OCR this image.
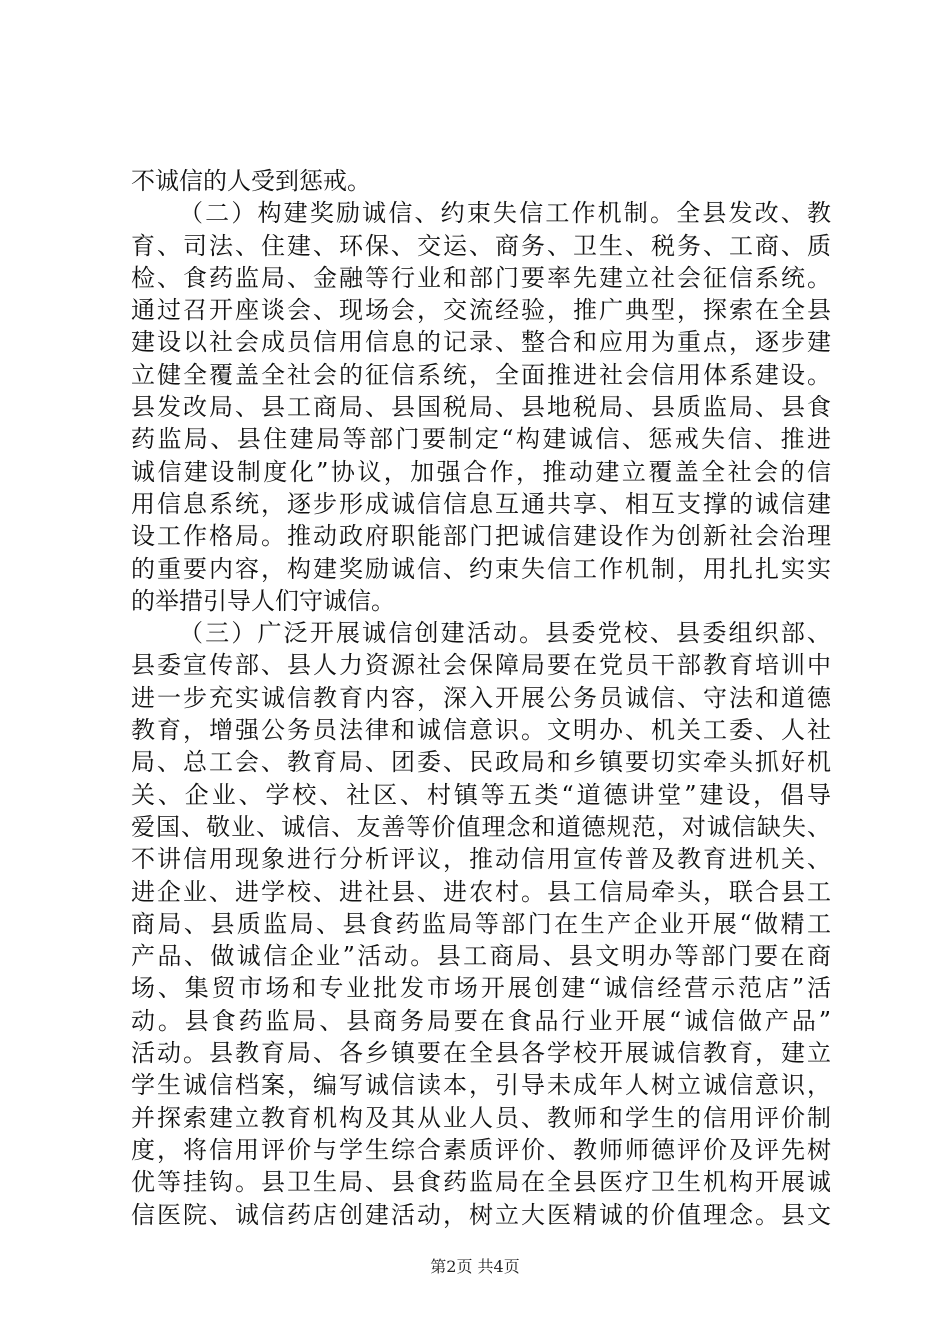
不诚信的人受到惩戒。
（二）构建奖励诚信、约束失信工作机制。全县发改、教
育、司法、住建、环保、交运、商务、卫生、税务、工商、质
检、食药监局、金融等行业和部门要率先建立社会征信系统。
通过召开座谈会、现场会，交流经验，推广典型，探索在全县
建设以社会成员信用信息的记录、整合和应用为重点，逐步建
立健全覆盖全社会的征信系统，全面推进社会信用体系建设。
县发改局、县工商局、县国税局、县地税局、县质监局、县食
药监局、县住建局等部门要制定“构建诚信、惩戒失信、推进
诚信建设制度化”协议，加强合作，推动建立覆盖全社会的信
用信息系统，逐步形成诚信信息互通共享、相互支撑的诚信建
设工作格局。推动政府职能部门把诚信建设作为创新社会治理
的重要内容，构建奖励诚信、约束失信工作机制，用扎扎实实
的举措引导人们守诚信。
（三）广泛开展诚信创建活动。县委党校、县委组织部、
县委宣传部、县人力资源社会保障局要在党员干部教育培训中
进一步充实诚信教育内容，深入开展公务员诚信、守法和道德
教育，增强公务员法律和诚信意识。文明办、机关工委、人社
局、总工会、教育局、团委、民政局和乡镇要切实牵头抓好机
关、企业、学校、社区、村镇等五类“道德讲堂”建设，倡导
爱国、敬业、诚信、友善等价值理念和道德规范，对诚信缺失、
不讲信用现象进行分析评议，推动信用宣传普及教育进机关、
进企业、进学校、进社县、进农村。县工信局牵头，联合县工
商局、县质监局、县食药监局等部门在生产企业开展“做精工
产品、做诚信企业”活动。县工商局、县文明办等部门要在商
场、集贸市场和专业批发市场开展创建“诚信经营示范店”活
动。县食药监局、县商务局要在食品行业开展“诚信做产品”
活动。县教育局、各乡镇要在全县各学校开展诚信教育，建立
学生诚信档案，编写诚信读本，引导未成年人树立诚信意识，
并探索建立教育机构及其从业人员、教师和学生的信用评价制
度，将信用评价与学生综合素质评价、教师师德评价及评先树
优等挂钩。县卫生局、县食药监局在全县医疗卫生机构开展诚
信医院、诚信药店创建活动，树立大医精诚的价值理念。县文
第2页 共4页
